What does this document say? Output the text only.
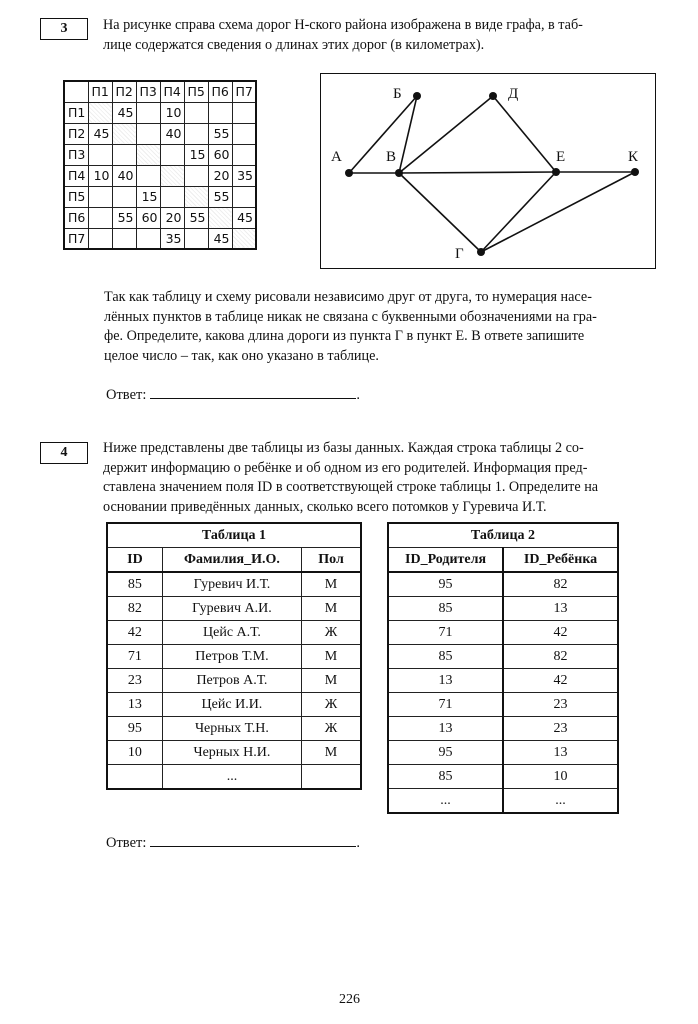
3	На рисунке справа схема дорог Н-ского района изображена в виде графа, в таб-
лице содержатся сведения о длинах этих дорог (в километрах).
	П1	П2	П3	П4	П5	П6	П7
П1		45		10			
П2	45			40		55	
П3					15	60	
П4	10	40				20	35
П5			15			55	
П6		55	60	20	55		45
П7				35		45	
А
Б
В
Д
Е	К
Г
Так как таблицу и схему рисовали независимо друг от друга, то нумерация насе-
лённых пунктов в таблице никак не связана с буквенными обозначениями на гра-
фе. Определите, какова длина дороги из пункта Г в пункт Е. В ответе запишите
целое число – так, как оно указано в таблице.
Ответ:	.
4	Ниже представлены две таблицы из базы данных. Каждая строка таблицы 2 со-
держит информацию о ребёнке и об одном из его родителей. Информация пред-
ставлена значением поля ID в соответствующей строке таблицы 1. Определите на
основании приведённых данных, сколько всего потомков у Гуревича И.Т.
Таблица 1		
ID	Фамилия_И.О.	Пол
85	Гуревич И.Т.	М
82	Гуревич А.И.	М
42	Цейс А.Т.	Ж
71	Петров Т.М.	М
23	Петров А.Т.	М
13	Цейс И.И.	Ж
95	Черных Т.Н.	Ж
10	Черных Н.И.	М
	...	
Таблица 2	
ID_Родителя	ID_Ребёнка
95	82
85	13
71	42
85	82
13	42
71	23
13	23
95	13
85	10
...	...
Ответ:	.
226
